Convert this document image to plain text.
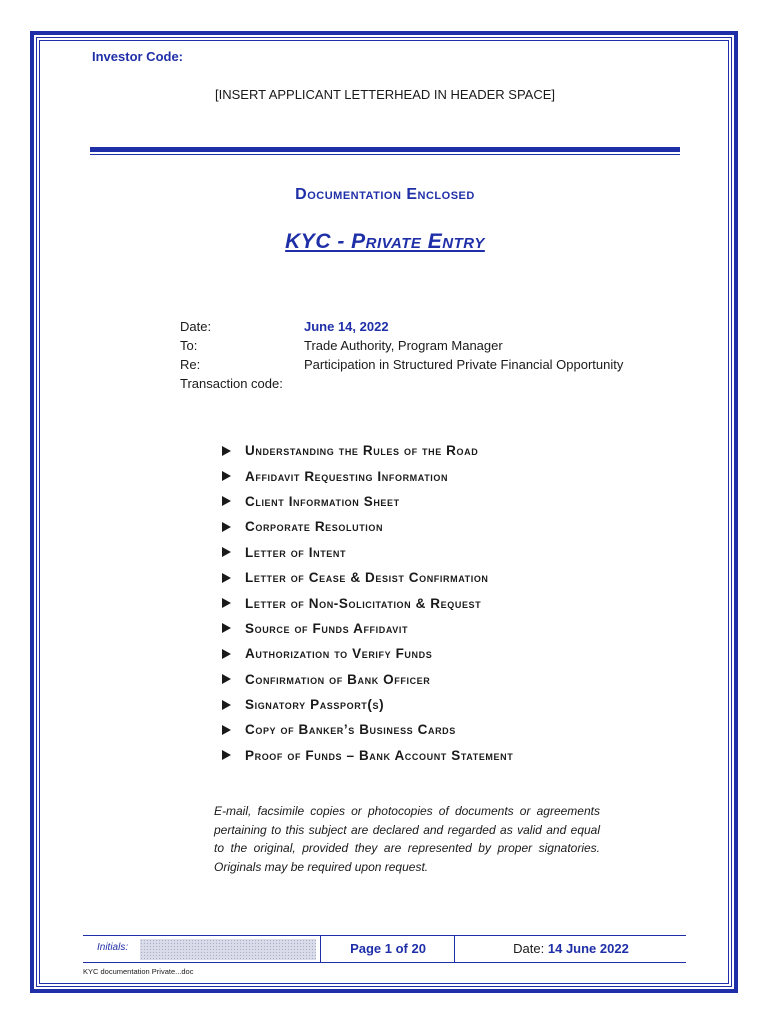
Investor Code:
[INSERT APPLICANT LETTERHEAD IN HEADER SPACE]
Documentation Enclosed
KYC - Private Entry
Date:	June 14, 2022
To:	Trade Authority, Program Manager
Re:	Participation in Structured Private Financial Opportunity
Transaction code:
Understanding the Rules of the Road
Affidavit Requesting Information
Client Information Sheet
Corporate Resolution
Letter of Intent
Letter of Cease & Desist Confirmation
Letter of Non-Solicitation & Request
Source of Funds Affidavit
Authorization to Verify Funds
Confirmation of Bank Officer
Signatory Passport(s)
Copy of Banker’s Business Cards
Proof of Funds – Bank Account Statement
E-mail, facsimile copies or photocopies of documents or agreements pertaining to this subject are declared and regarded as valid and equal to the original, provided they are represented by proper signatories. Originals may be required upon request.
Initials:	Page 1 of 20	Date: 14 June 2022
KYC documentation Private...doc
